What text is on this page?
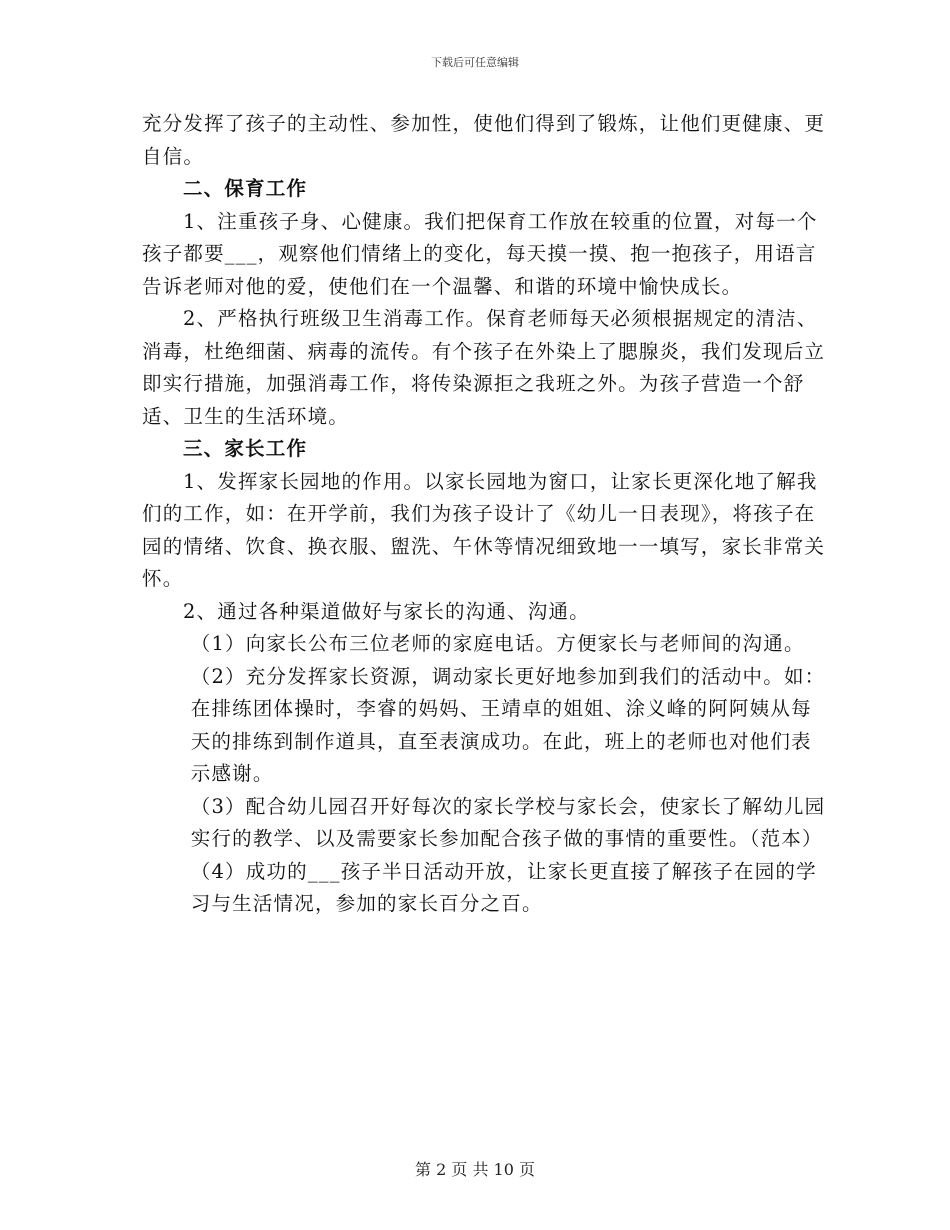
下载后可任意编辑

充分发挥了孩子的主动性、参加性，使他们得到了锻炼，让他们更健康、更自信。

二、保育工作

1、注重孩子身、心健康。我们把保育工作放在较重的位置，对每一个孩子都要___，观察他们情绪上的变化，每天摸一摸、抱一抱孩子，用语言告诉老师对他的爱，使他们在一个温馨、和谐的环境中愉快成长。

2、严格执行班级卫生消毒工作。保育老师每天必须根据规定的清洁、消毒，杜绝细菌、病毒的流传。有个孩子在外染上了腮腺炎，我们发现后立即实行措施，加强消毒工作，将传染源拒之我班之外。为孩子营造一个舒适、卫生的生活环境。

三、家长工作

1、发挥家长园地的作用。以家长园地为窗口，让家长更深化地了解我们的工作，如：在开学前，我们为孩子设计了《幼儿一日表现》，将孩子在园的情绪、饮食、换衣服、盥洗、午休等情况细致地一一填写，家长非常关怀。

2、通过各种渠道做好与家长的沟通、沟通。

（1）向家长公布三位老师的家庭电话。方便家长与老师间的沟通。

（2）充分发挥家长资源，调动家长更好地参加到我们的活动中。如：在排练团体操时，李睿的妈妈、王靖卓的姐姐、涂义峰的阿阿姨从每天的排练到制作道具，直至表演成功。在此，班上的老师也对他们表示感谢。

（3）配合幼儿园召开好每次的家长学校与家长会，使家长了解幼儿园实行的教学、以及需要家长参加配合孩子做的事情的重要性。（范本）

（4）成功的___孩子半日活动开放，让家长更直接了解孩子在园的学习与生活情况，参加的家长百分之百。

第 2 页 共 10 页
